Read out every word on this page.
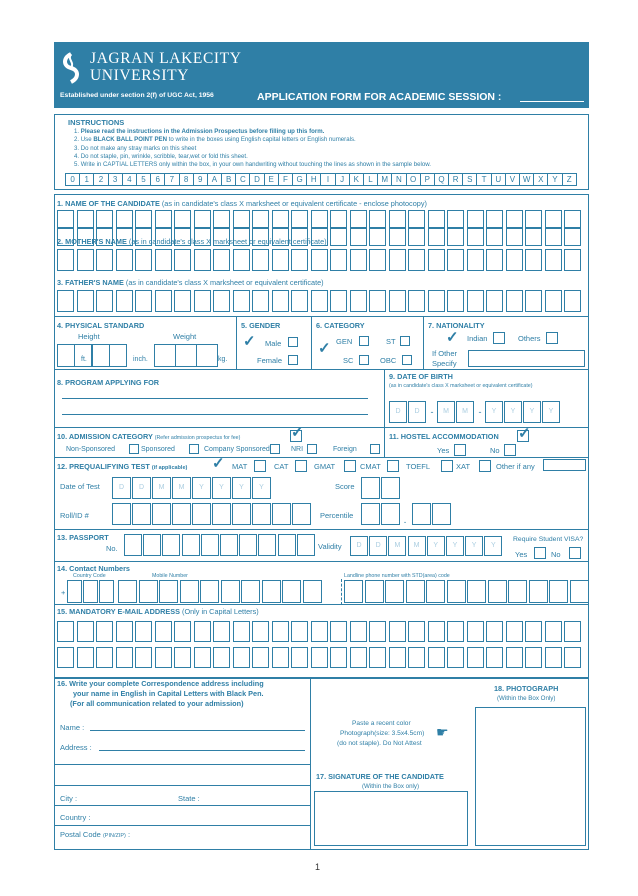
JAGRAN LAKECITY
UNIVERSITY
Established under section 2(f) of UGC Act, 1956	APPLICATION FORM FOR ACADEMIC SESSION :
INSTRUCTIONS
1. Please read the instructions in the Admission Prospectus before filling up this form.
2. Use BLACK BALL POINT PEN to write in the boxes using English capital letters or English numerals.
3. Do not make any stray marks on this sheet
4. Do not staple, pin, wrinkle, scribble, tear,wet or fold this sheet.
5. Write in CAPTIAL LETTERS only within the box, in your own handwriting without touching the lines as shown in the sample below.
0	1	2	3	4	5	6	7	8	9	A	B	C	D	E	F	G	H	I	J	K	L	M N	O	P	Q	R	S	T	U	V W X	Y	Z
1. NAME OF THE CANDIDATE (as in candidate's class X marksheet or equivalent certificate - enclose photocopy)
2. MOTHER'S NAME (as in candidate's class X marksheet or equivalent certificate)
3. FATHER'S NAME (as in candidate's class X marksheet or equivalent certificate)
4. PHYSICAL STANDARD
Height	Weight
ft.	inch.	kg.
5. GENDER
✓ Male
Female
6. CATEGORY
✓ GEN	ST
SC	OBC
7. NATIONALITY
✓ Indian	Others
If Other
Specify
8. PROGRAM APPLYING FOR
9. DATE OF BIRTH
(as in candidate's class X marksheet or equivalent certificate)
D	D	-	M	M	-	Y	Y	Y	Y
10. ADMISSION CATEGORY (Refer admission prospectus for fee)	✓
Non-Sponsored	Sponsored	Company Sponsored	NRI	Foreign
11. HOSTEL ACCOMMODATION ✓
Yes	No
12. PREQUALIFYING TEST (if applicable) ✓ MAT	CAT	GMAT	CMAT	TOEFL	XAT	Other if any
Date of Test	D	D	M	M	Y	Y	Y	Y	Score
Roll/ID #	Percentile
.
13. PASSPORT
No.	Validity	D	D	M	M	Y	Y	Y	Y
Require Student VISA?
Yes	No
14. Contact Numbers
Country Code	Mobile Number	Landline phone number with STD(area) code
+
15. MANDATORY E-MAIL ADDRESS (Only in Capital Letters)
16. Write your complete Correspondence address including
your name in English in Capital Letters with Black Pen.
(For all communication related to your admission)
Name :
Address :
City :	State :
Country :
Postal Code (PIN/ZIP) :
Paste a recent color
Photograph(size: 3.5x4.5cm)
(do not staple). Do Not Attest
☛
18. PHOTOGRAPH
(Within the Box Only)
17. SIGNATURE OF THE CANDIDATE
(Within the Box only)
1
